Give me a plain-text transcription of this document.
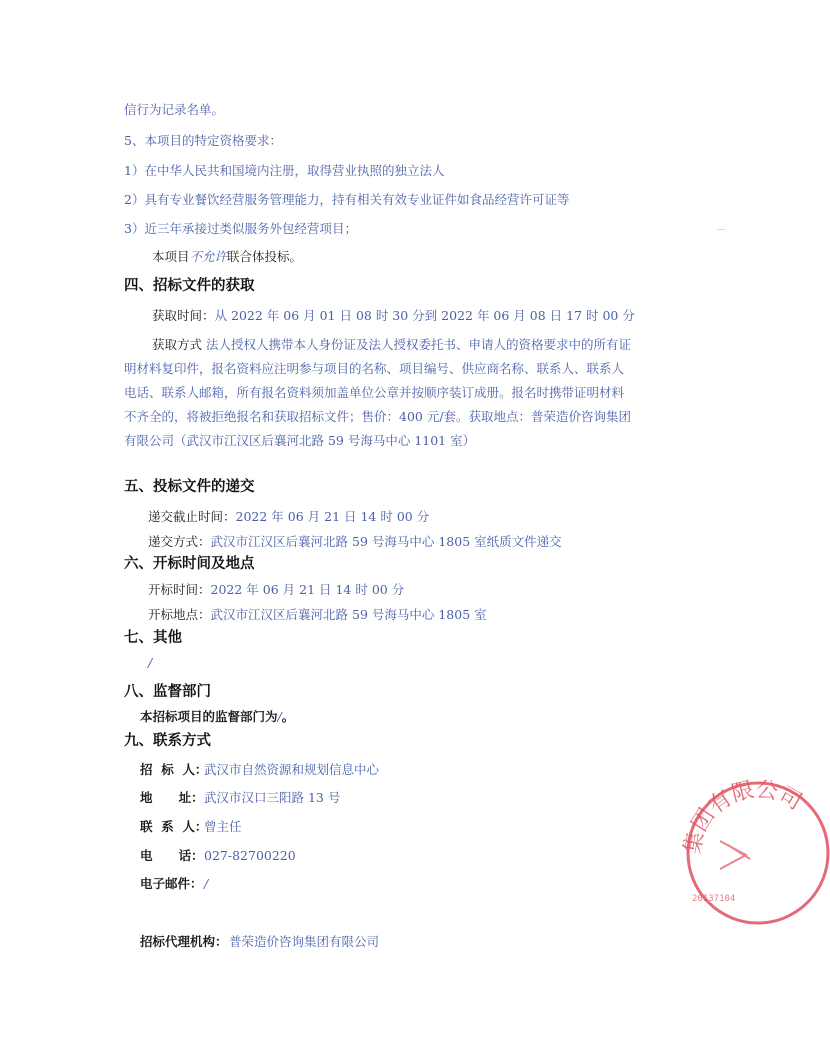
信行为记录名单。
5、本项目的特定资格要求：
1）在中华人民共和国境内注册，取得营业执照的独立法人
2）具有专业餐饮经营服务管理能力，持有相关有效专业证件如食品经营许可证等
3）近三年承接过类似服务外包经营项目；
本项目不允许联合体投标。
四、招标文件的获取
获取时间：从 2022 年 06 月 01 日 08 时 30 分到 2022 年 06 月 08 日 17 时 00 分
获取方式 法人授权人携带本人身份证及法人授权委托书、申请人的资格要求中的所有证明材料复印件，报名资料应注明参与项目的名称、项目编号、供应商名称、联系人、联系人电话、联系人邮箱，所有报名资料须加盖单位公章并按顺序装订成册。报名时携带证明材料不齐全的，将被拒绝报名和获取招标文件；售价：400 元/套。获取地点：普荣造价咨询集团有限公司（武汉市江汉区后襄河北路 59 号海马中心 1101 室）
五、投标文件的递交
递交截止时间：2022 年 06 月 21 日 14 时 00 分
递交方式：武汉市江汉区后襄河北路 59 号海马中心 1805 室纸质文件递交
六、开标时间及地点
开标时间：2022 年 06 月 21 日 14 时 00 分
开标地点：武汉市江汉区后襄河北路 59 号海马中心 1805 室
七、其他
/
八、监督部门
本招标项目的监督部门为/。
九、联系方式
招  标  人：
武汉市自然资源和规划信息中心
地      址： 武汉市汉口三阳路 13 号
联  系  人：
曾主任
电      话： 027-82700220
电子邮件： /
招标代理机构： 普荣造价咨询集团有限公司
集团有限公司
20137104
